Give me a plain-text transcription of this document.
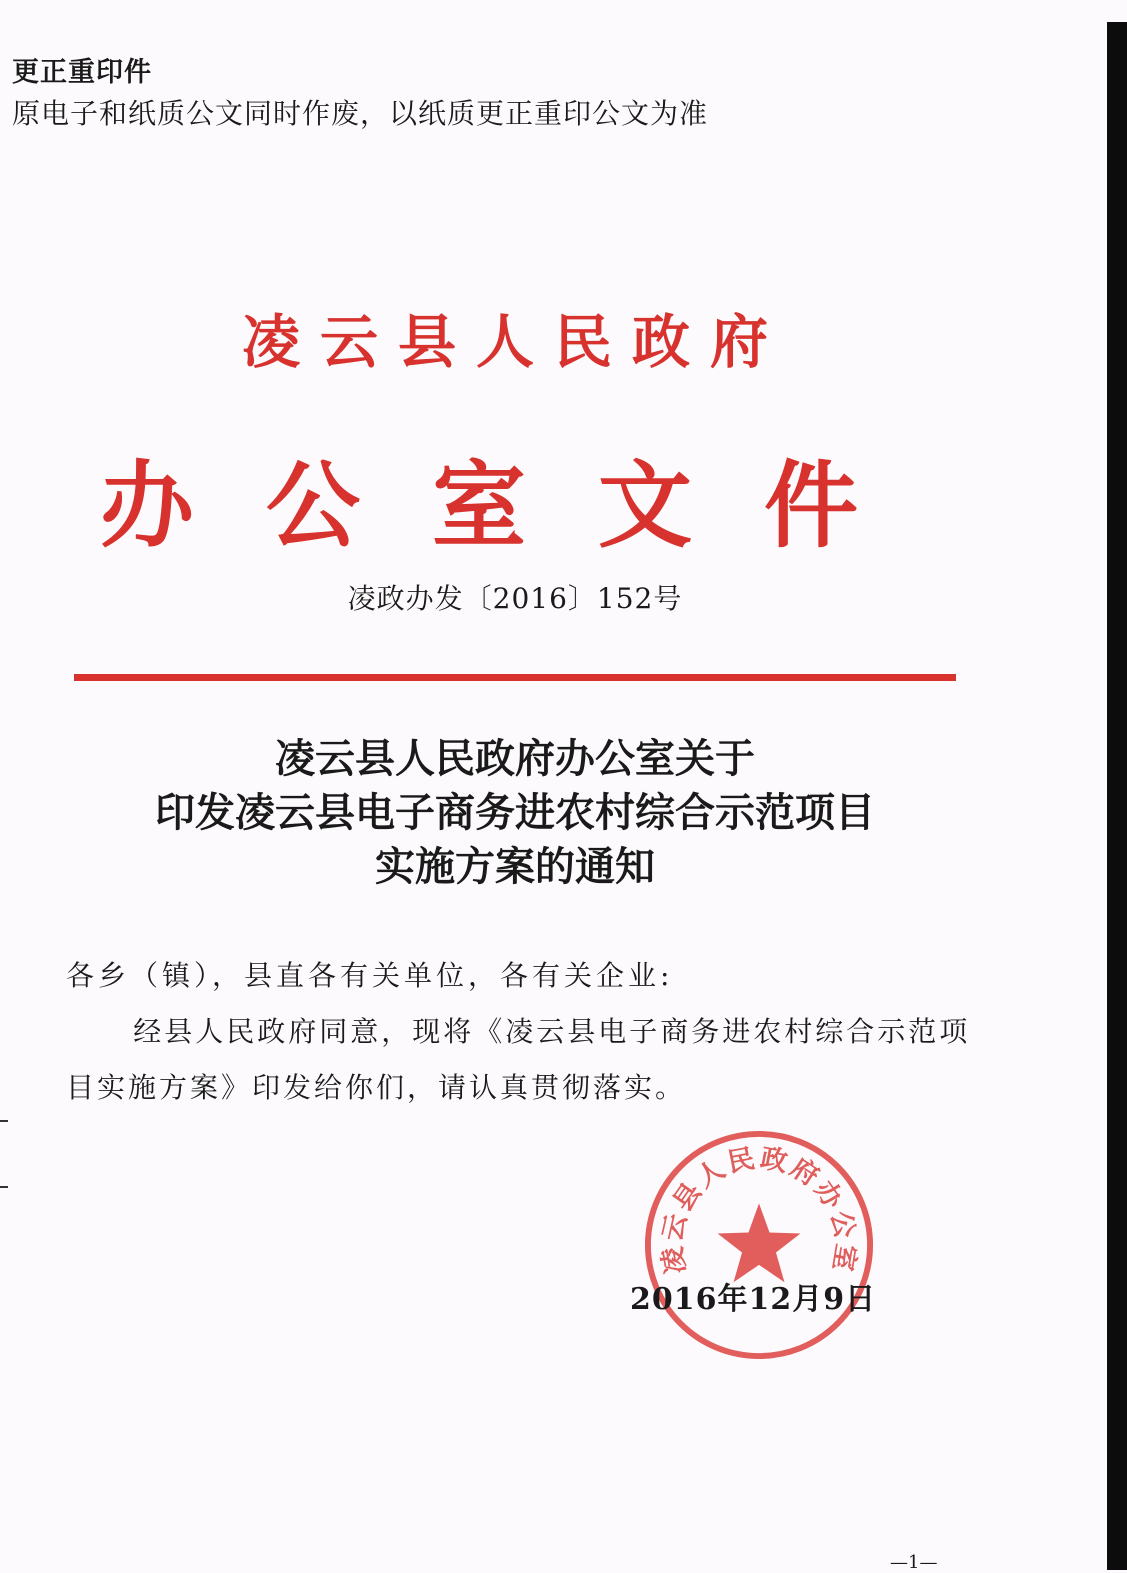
更正重印件
原电子和纸质公文同时作废，以纸质更正重印公文为准
凌云县人民政府
办公室文件
凌政办发〔2016〕152号
凌云县人民政府办公室关于
印发凌云县电子商务进农村综合示范项目
实施方案的通知
各乡（镇），县直各有关单位，各有关企业:
经县人民政府同意，现将《凌云县电子商务进农村综合示范项目实施方案》印发给你们，请认真贯彻落实。
凌云县人民政府办公室
2016年12月9日
—1—
